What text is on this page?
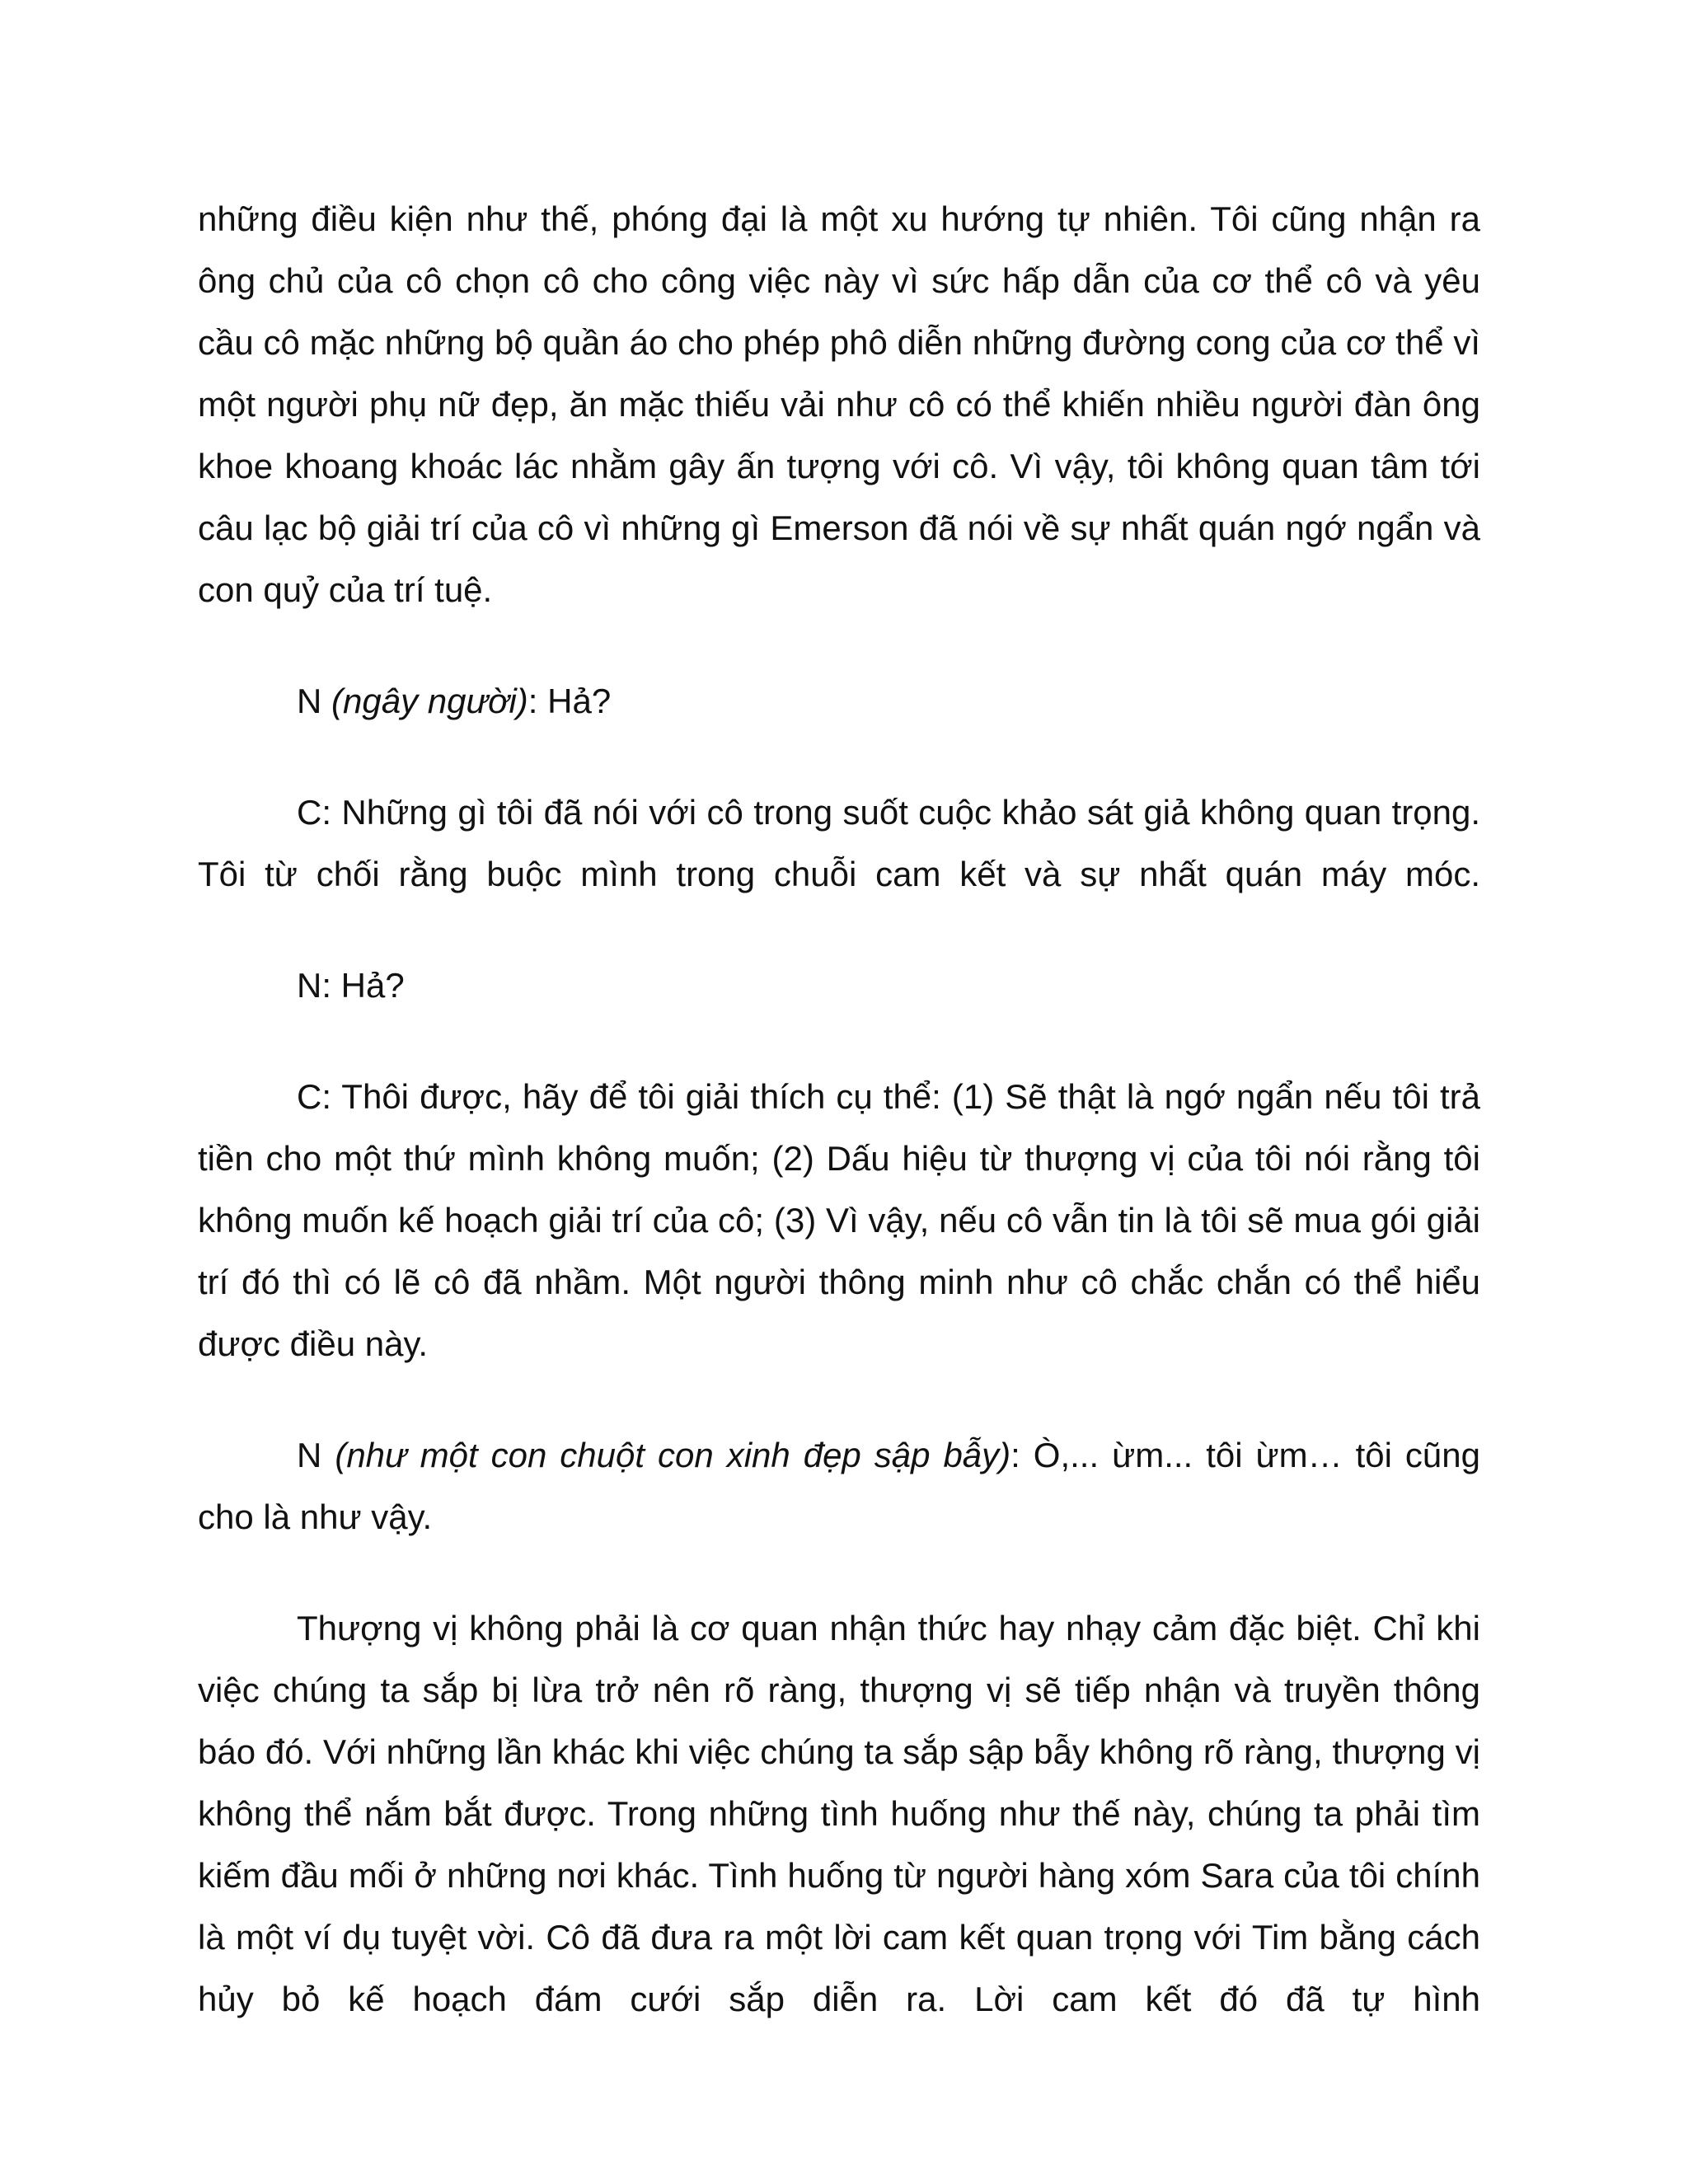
những điều kiện như thế, phóng đại là một xu hướng tự nhiên. Tôi cũng nhận ra ông chủ của cô chọn cô cho công việc này vì sức hấp dẫn của cơ thể cô và yêu cầu cô mặc những bộ quần áo cho phép phô diễn những đường cong của cơ thể vì một người phụ nữ đẹp, ăn mặc thiếu vải như cô có thể khiến nhiều người đàn ông khoe khoang khoác lác nhằm gây ấn tượng với cô. Vì vậy, tôi không quan tâm tới câu lạc bộ giải trí của cô vì những gì Emerson đã nói về sự nhất quán ngớ ngẩn và con quỷ của trí tuệ.

N (ngây người): Hả?

C: Những gì tôi đã nói với cô trong suốt cuộc khảo sát giả không quan trọng. Tôi từ chối rằng buộc mình trong chuỗi cam kết và sự nhất quán máy móc.

N: Hả?

C: Thôi được, hãy để tôi giải thích cụ thể: (1) Sẽ thật là ngớ ngẩn nếu tôi trả tiền cho một thứ mình không muốn; (2) Dấu hiệu từ thượng vị của tôi nói rằng tôi không muốn kế hoạch giải trí của cô; (3) Vì vậy, nếu cô vẫn tin là tôi sẽ mua gói giải trí đó thì có lẽ cô đã nhầm. Một người thông minh như cô chắc chắn có thể hiểu được điều này.

N (như một con chuột con xinh đẹp sập bẫy): Ò,... ừm... tôi ừm… tôi cũng cho là như vậy.

Thượng vị không phải là cơ quan nhận thức hay nhạy cảm đặc biệt. Chỉ khi việc chúng ta sắp bị lừa trở nên rõ ràng, thượng vị sẽ tiếp nhận và truyền thông báo đó. Với những lần khác khi việc chúng ta sắp sập bẫy không rõ ràng, thượng vị không thể nắm bắt được. Trong những tình huống như thế này, chúng ta phải tìm kiếm đầu mối ở những nơi khác. Tình huống từ người hàng xóm Sara của tôi chính là một ví dụ tuyệt vời. Cô đã đưa ra một lời cam kết quan trọng với Tim bằng cách hủy bỏ kế hoạch đám cưới sắp diễn ra. Lời cam kết đó đã tự hình
